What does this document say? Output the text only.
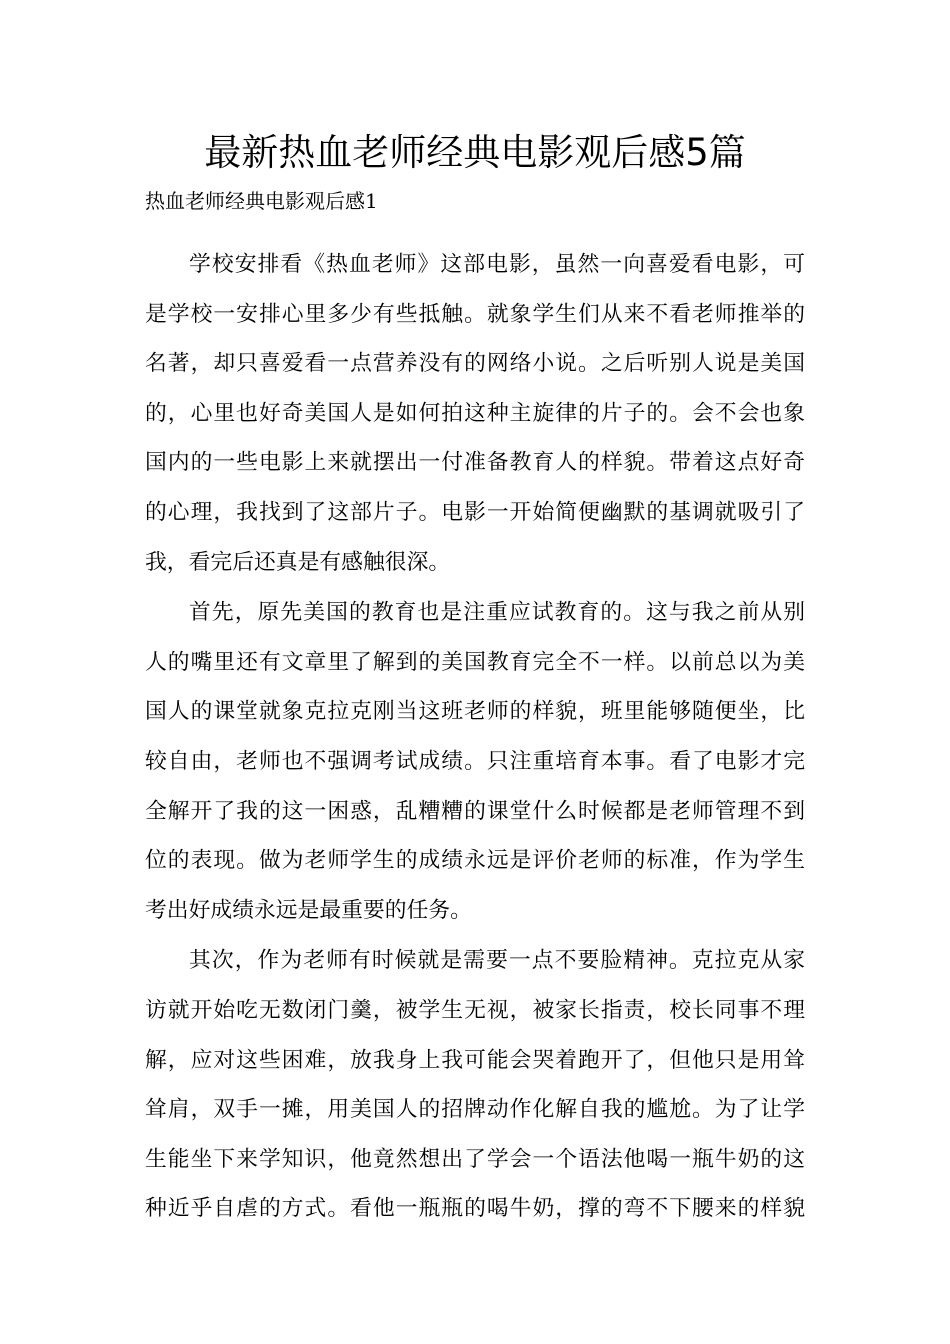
最新热血老师经典电影观后感5篇
热血老师经典电影观后感1

学校安排看《热血老师》这部电影，虽然一向喜爱看电影，可
是学校一安排心里多少有些抵触。就象学生们从来不看老师推举的
名著，却只喜爱看一点营养没有的网络小说。之后听别人说是美国
的，心里也好奇美国人是如何拍这种主旋律的片子的。会不会也象
国内的一些电影上来就摆出一付准备教育人的样貌。带着这点好奇
的心理，我找到了这部片子。电影一开始简便幽默的基调就吸引了
我，看完后还真是有感触很深。

首先，原先美国的教育也是注重应试教育的。这与我之前从别
人的嘴里还有文章里了解到的美国教育完全不一样。以前总以为美
国人的课堂就象克拉克刚当这班老师的样貌，班里能够随便坐，比
较自由，老师也不强调考试成绩。只注重培育本事。看了电影才完
全解开了我的这一困惑，乱糟糟的课堂什么时候都是老师管理不到
位的表现。做为老师学生的成绩永远是评价老师的标准，作为学生
考出好成绩永远是最重要的任务。

其次，作为老师有时候就是需要一点不要脸精神。克拉克从家
访就开始吃无数闭门羹，被学生无视，被家长指责，校长同事不理
解，应对这些困难，放我身上我可能会哭着跑开了，但他只是用耸
耸肩，双手一摊，用美国人的招牌动作化解自我的尴尬。为了让学
生能坐下来学知识，他竟然想出了学会一个语法他喝一瓶牛奶的这
种近乎自虐的方式。看他一瓶瓶的喝牛奶，撑的弯不下腰来的样貌
